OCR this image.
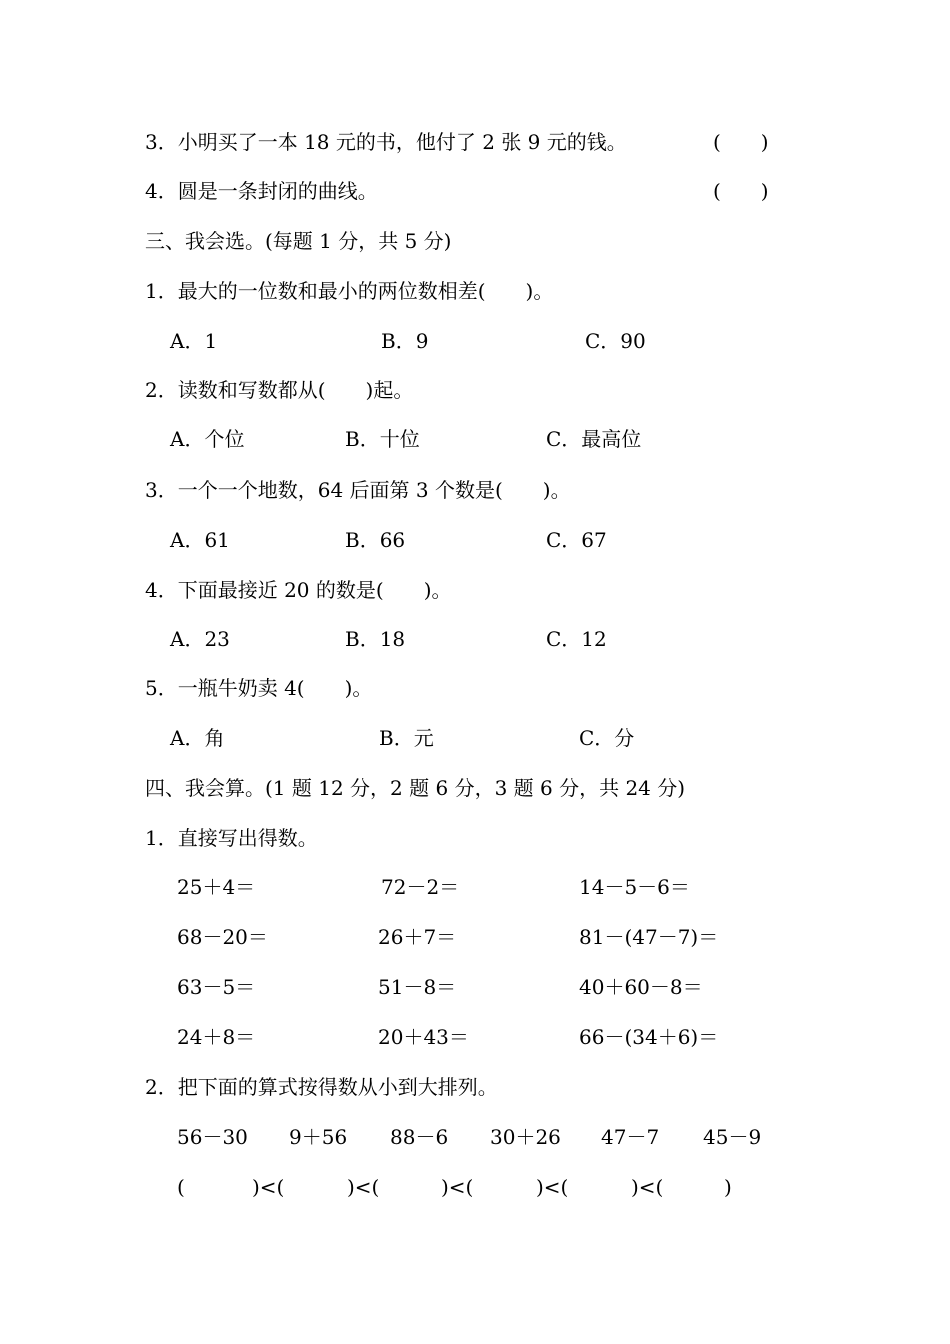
3．小明买了一本 18 元的书，他付了 2 张 9 元的钱。	(　　)
4．圆是一条封闭的曲线。	(　　)
三、我会选。(每题 1 分，共 5 分)
1．最大的一位数和最小的两位数相差(　　)。
A．1	B．9	C．90
2．读数和写数都从(　　)起。
A．个位	B．十位	C．最高位
3．一个一个地数，64 后面第 3 个数是(　　)。
A．61	B．66	C．67
4．下面最接近 20 的数是(　　)。
A．23	B．18	C．12
5．一瓶牛奶卖 4(　　)。
A．角	B．元	C．分
四、我会算。(1 题 12 分，2 题 6 分，3 题 6 分，共 24 分)
1．直接写出得数。
25＋4＝	72－2＝	14－5－6＝
68－20＝	26＋7＝	81－(47－7)＝
63－5＝	51－8＝	40＋60－8＝
24＋8＝	20＋43＝	66－(34＋6)＝
2．把下面的算式按得数从小到大排列。
56－30 9＋56 88－6 30＋26 47－7 45－9
(	)<(	)<(	)<(	)<(	)<(	)
